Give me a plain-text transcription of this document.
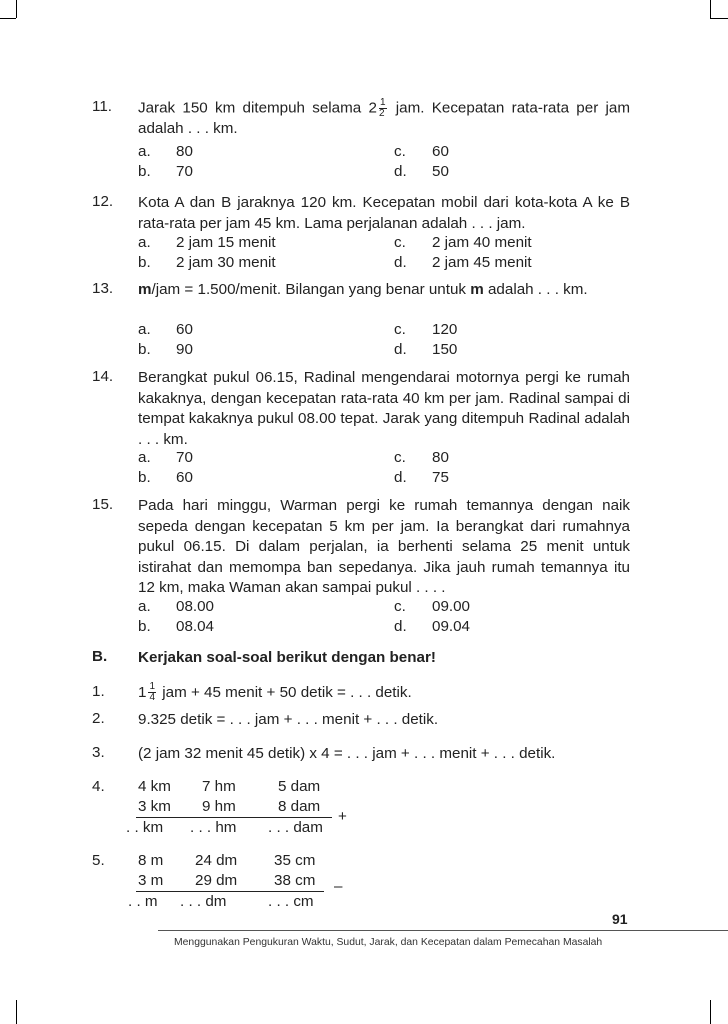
11. Jarak 150 km ditempuh selama $2 \frac{1}{2}$ jam. Kecepatan rata-rata per jam adalah . . . km.
a. 80
b. 70
c. 60
d. 50
12. Kota A dan B jaraknya 120 km. Kecepatan mobil dari kota-kota A ke B rata-rata per jam 45 km. Lama perjalanan adalah . . . jam.
a. 2 jam 15 menit
b. 2 jam 30 menit
c. 2 jam 40 menit
d. 2 jam 45 menit
13. m/jam = 1.500/menit. Bilangan yang benar untuk m adalah . . . km.
a. 60
b. 90
c. 120
d. 150
14. Berangkat pukul 06.15, Radinal mengendarai motornya pergi ke rumah kakaknya, dengan kecepatan rata-rata 40 km per jam. Radinal sampai di tempat kakaknya pukul 08.00 tepat. Jarak yang ditempuh Radinal adalah . . . km.
a. 70
b. 60
c. 80
d. 75
15. Pada hari minggu, Warman pergi ke rumah temannya dengan naik sepeda dengan kecepatan 5 km per jam. Ia berangkat dari rumahnya pukul 06.15. Di dalam perjalan, ia berhenti selama 25 menit untuk istirahat dan memompa ban sepedanya. Jika jauh rumah temannya itu 12 km, maka Waman akan sampai pukul . . . .
a. 08.00
b. 08.04
c. 09.00
d. 09.04
B. Kerjakan soal-soal berikut dengan benar!
1. $1 \frac{1}{4}$ jam + 45 menit + 50 detik = . . . detik.
2. 9.325 detik = . . . jam + . . . menit + . . . detik.
3. (2 jam 32 menit 45 detik) x 4 = . . . jam + . . . menit + . . . detik.
4. 4 km 7 hm	5 dam
3 km 9 hm	8 dam
+
. . km . . . hm . . . dam
5. 8 m 24 dm 35 cm
3 m 29 dm 38 cm –
. . m . . . dm	. . . cm
91
Menggunakan Pengukuran Waktu, Sudut, Jarak, dan Kecepatan dalam Pemecahan Masalah
